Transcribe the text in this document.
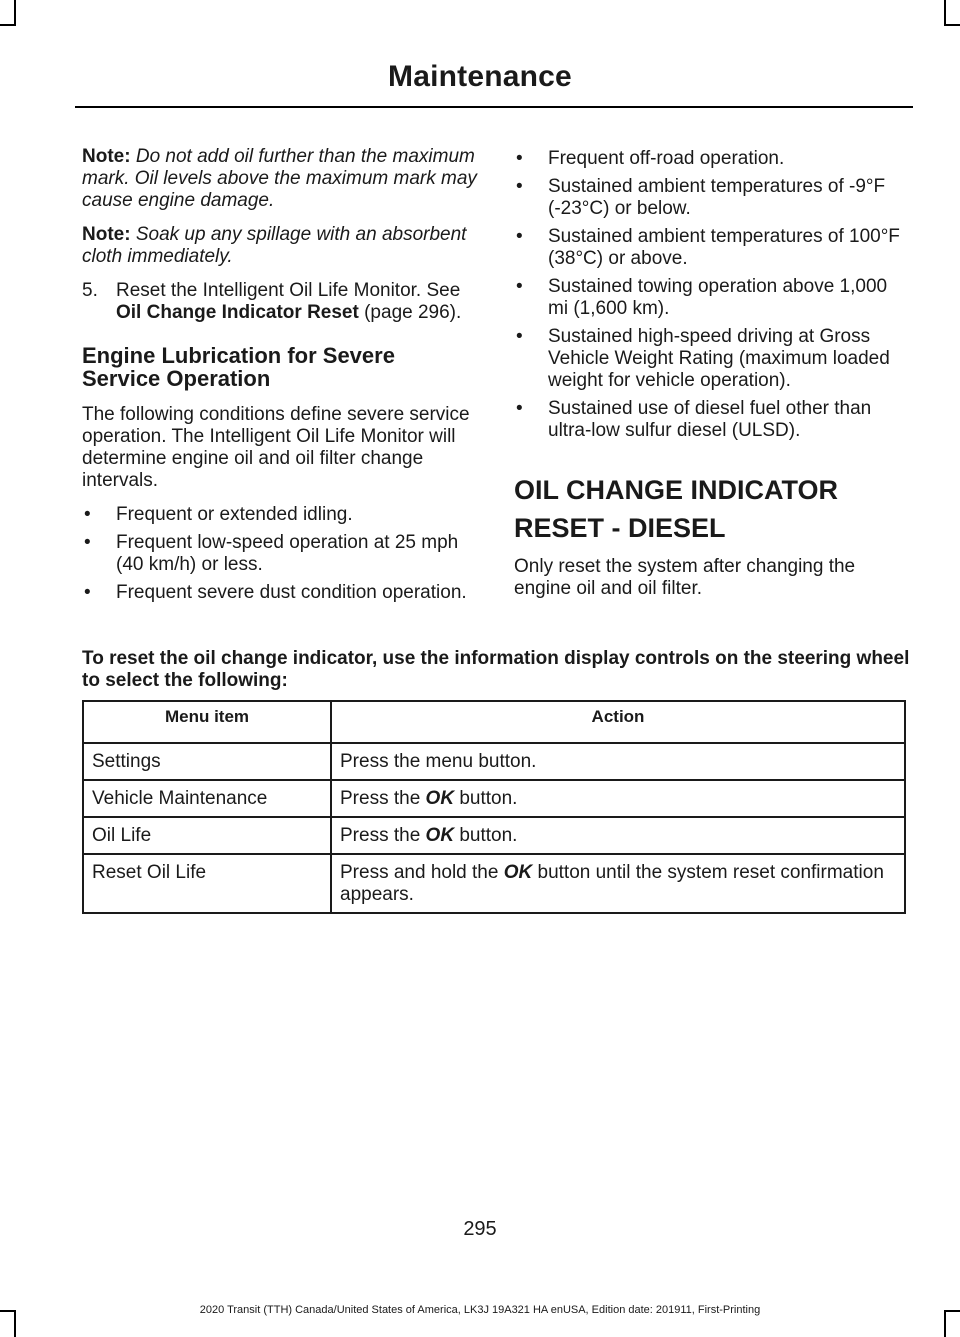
Maintenance

Note: Do not add oil further than the maximum mark. Oil levels above the maximum mark may cause engine damage.

Note: Soak up any spillage with an absorbent cloth immediately.

5. Reset the Intelligent Oil Life Monitor. See Oil Change Indicator Reset (page 296).
Engine Lubrication for Severe Service Operation

The following conditions define severe service operation. The Intelligent Oil Life Monitor will determine engine oil and oil filter change intervals.

• Frequent or extended idling.
• Frequent low-speed operation at 25 mph (40 km/h) or less.
• Frequent severe dust condition operation.
• Frequent off-road operation.
• Sustained ambient temperatures of -9°F (-23°C) or below.
• Sustained ambient temperatures of 100°F (38°C) or above.
• Sustained towing operation above 1,000 mi (1,600 km).
• Sustained high-speed driving at Gross Vehicle Weight Rating (maximum loaded weight for vehicle operation).
• Sustained use of diesel fuel other than ultra-low sulfur diesel (ULSD).
OIL CHANGE INDICATOR
RESET - DIESEL

Only reset the system after changing the engine oil and oil filter.

To reset the oil change indicator, use the information display controls on the steering wheel to select the following:
Menu item	Action
Settings	Press the menu button.
Vehicle Maintenance	Press the OK button.
Oil Life	Press the OK button.
Reset Oil Life	Press and hold the OK button until the system reset confirmation appears.
295
2020 Transit (TTH) Canada/United States of America, LK3J 19A321 HA enUSA, Edition date: 201911, First-Printing
